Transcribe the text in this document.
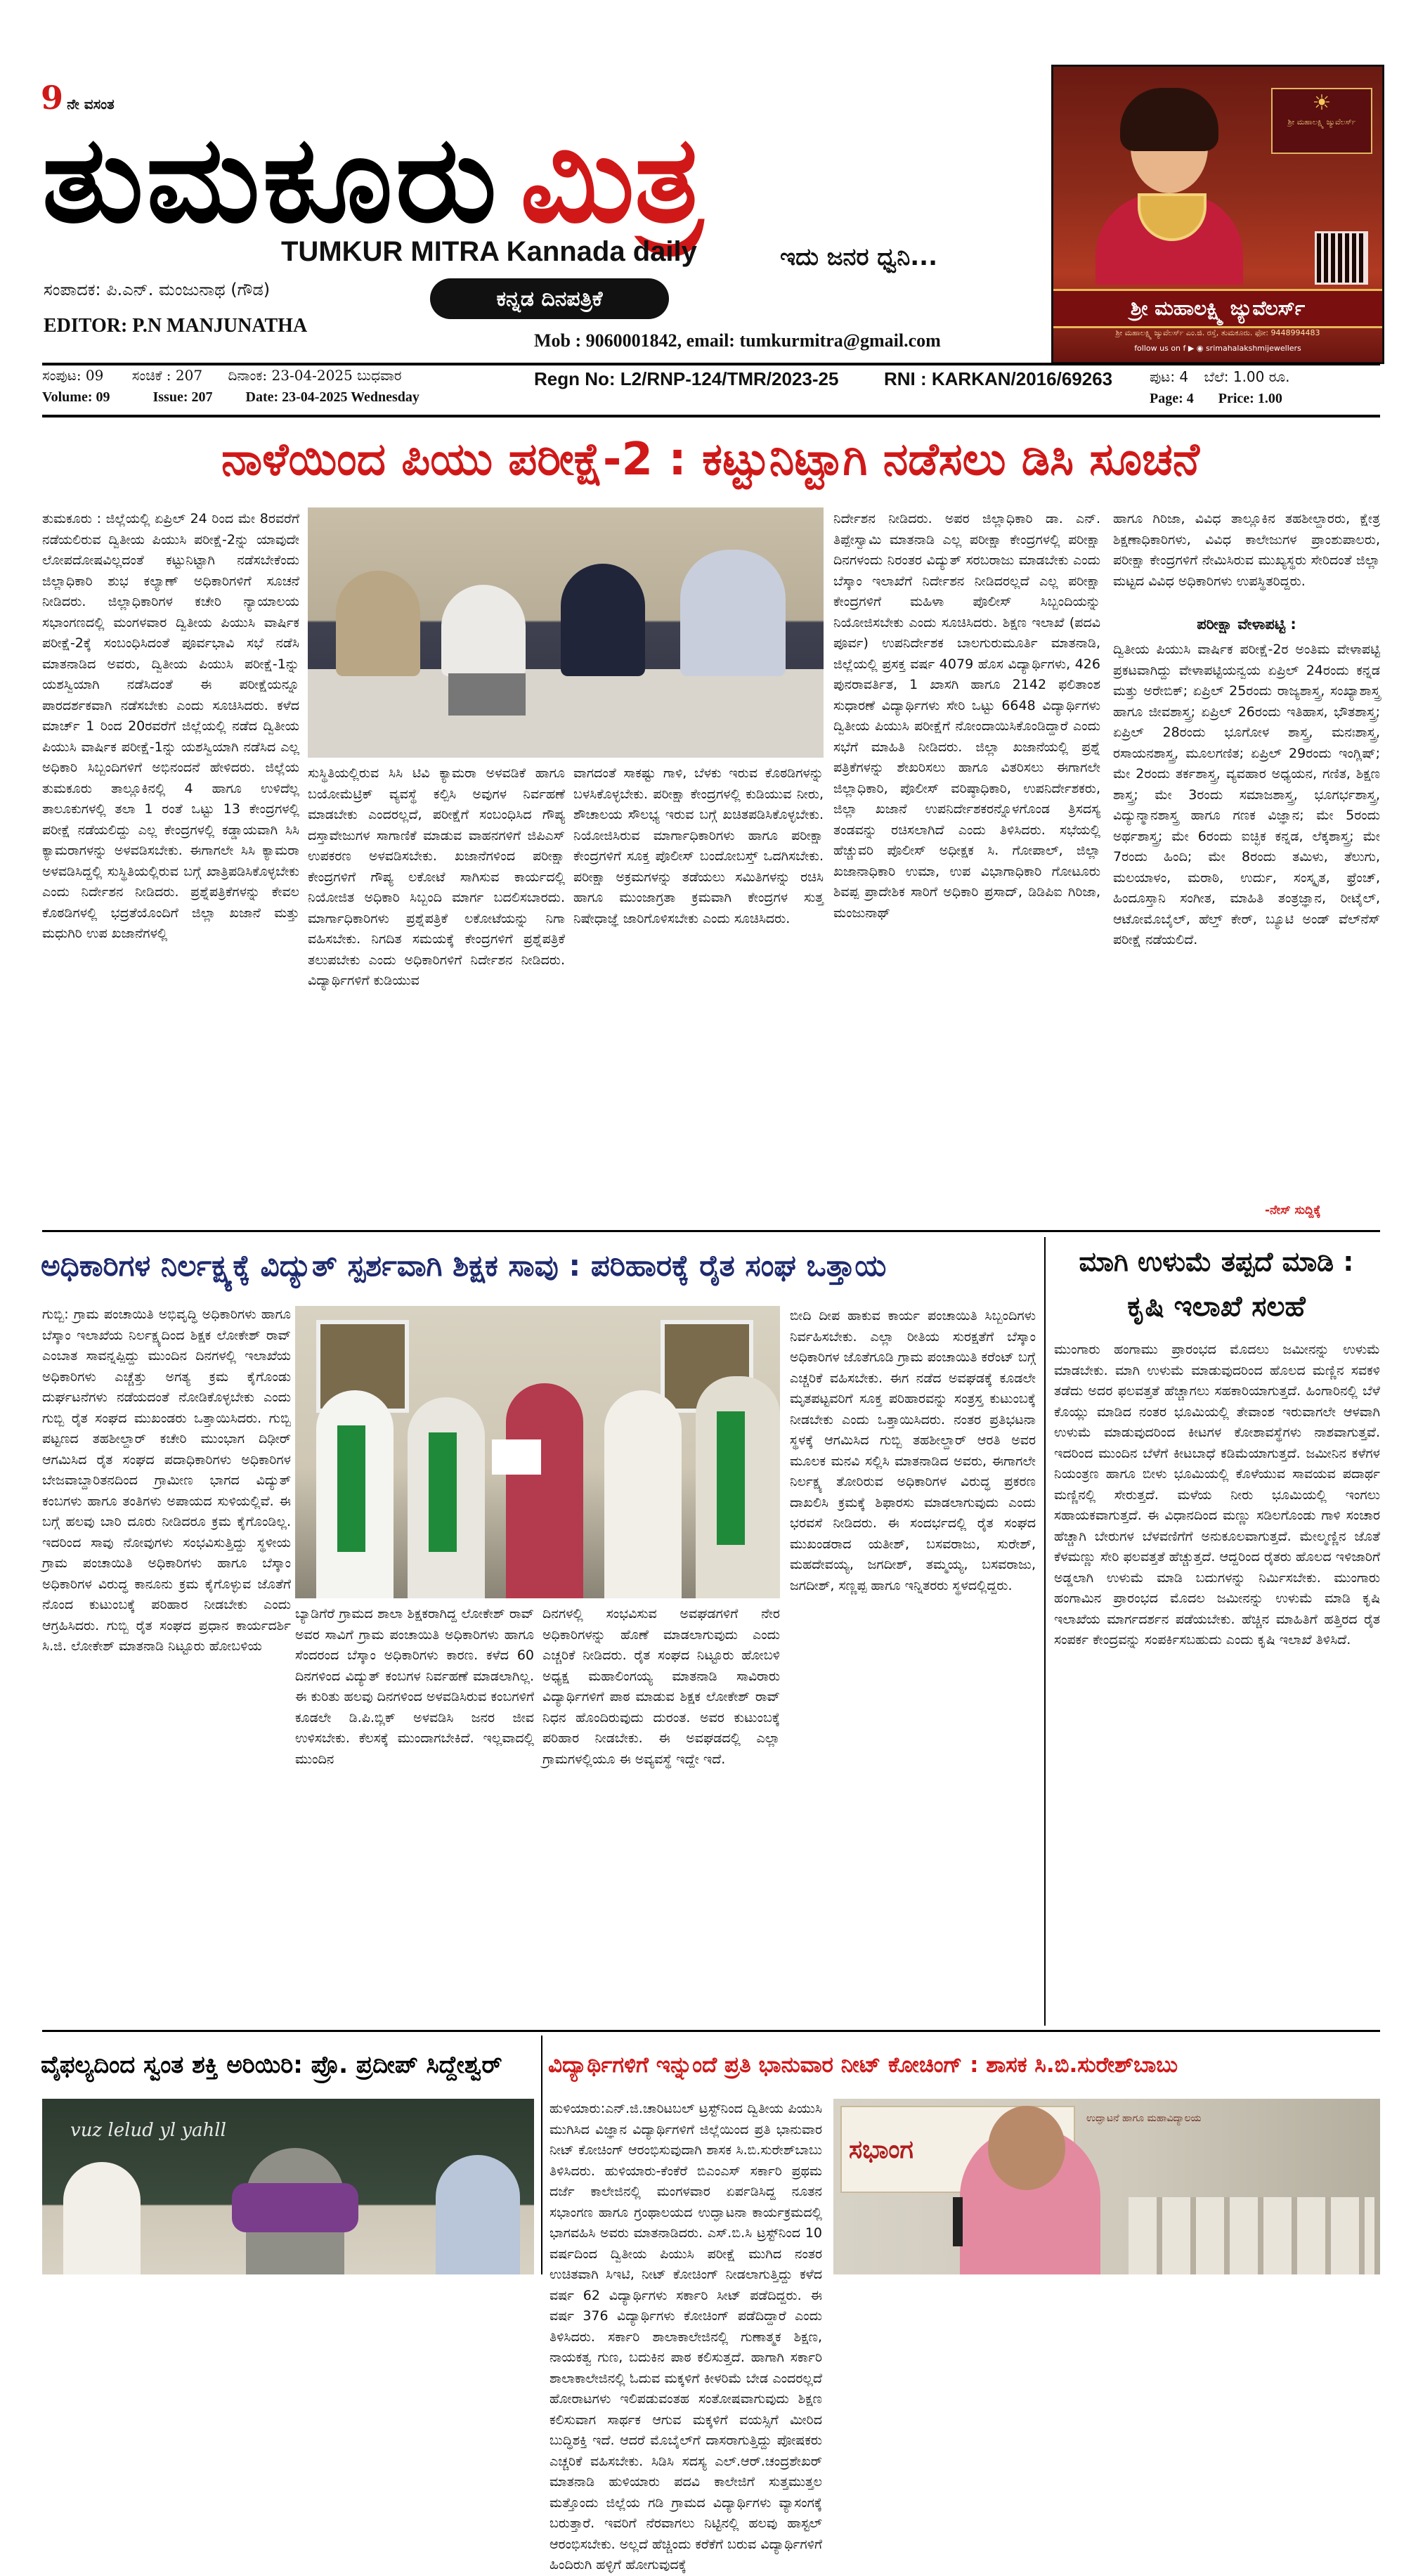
9 ನೇ ವಸಂತ
ತುಮಕೂರು ಮಿತ್ರ
TUMKUR MITRA Kannada daily	ಇದು ಜನರ ಧ್ವನಿ...
ಸಂಪಾದಕ: ಪಿ.ಎನ್. ಮಂಜುನಾಥ (ಗೌಡ)
EDITOR: P.N MANJUNATHA
ಕನ್ನಡ ದಿನಪತ್ರಿಕೆ
Mob : 9060001842, email: tumkurmitra@gmail.com
☀
ಶ್ರೀ ಮಹಾಲಕ್ಷ್ಮಿ ಜ್ಯುವೆಲರ್ಸ್
ಶ್ರೀ ಮಹಾಲಕ್ಷ್ಮಿ ಜ್ಯುವೆಲರ್ಸ್
ಶ್ರೀ ಮಹಾಲಕ್ಷ್ಮಿ ಜ್ಯುವೆಲರ್ಸ್ ಎಂ.ಜಿ. ರಸ್ತೆ, ತುಮಕೂರು. ಫೋ: 9448994483
follow us on f ▶ ◉ srimahalakshmijewellers
ಸಂಪುಟ: 09 ಸಂಚಿಕೆ : 207 ದಿನಾಂಕ: 23-04-2025 ಬುಧವಾರ
Volume: 09	Issue: 207 Date: 23-04-2025 Wednesday
Regn No: L2/RNP-124/TMR/2023-25 RNI : KARKAN/2016/69263	ಪುಟ: 4 ಬೆಲೆ: 1.00 ರೂ.
Page: 4 Price: 1.00
ನಾಳೆಯಿಂದ ಪಿಯು ಪರೀಕ್ಷೆ-2 : ಕಟ್ಟುನಿಟ್ಟಾಗಿ ನಡೆಸಲು ಡಿಸಿ ಸೂಚನೆ
ತುಮಕೂರು : ಜಿಲ್ಲೆಯಲ್ಲಿ ಏಪ್ರಿಲ್ 24 ರಿಂದ ಮೇ 8ರವರೆಗೆ ನಡೆಯಲಿರುವ ದ್ವಿತೀಯ ಪಿಯುಸಿ ಪರೀಕ್ಷೆ-2ನ್ನು ಯಾವುದೇ ಲೋಪದೋಷವಿಲ್ಲದಂತೆ ಕಟ್ಟುನಿಟ್ಟಾಗಿ ನಡೆಸಬೇಕೆಂದು ಜಿಲ್ಲಾಧಿಕಾರಿ ಶುಭ ಕಲ್ಯಾಣ್ ಅಧಿಕಾರಿಗಳಿಗೆ ಸೂಚನೆ ನೀಡಿದರು. ಜಿಲ್ಲಾಧಿಕಾರಿಗಳ ಕಚೇರಿ ನ್ಯಾಯಾಲಯ ಸಭಾಂಗಣದಲ್ಲಿ ಮಂಗಳವಾರ ದ್ವಿತೀಯ ಪಿಯುಸಿ ವಾರ್ಷಿಕ ಪರೀಕ್ಷೆ-2ಕ್ಕೆ ಸಂಬಂಧಿಸಿದಂತೆ ಪೂರ್ವಭಾವಿ ಸಭೆ ನಡೆಸಿ ಮಾತನಾಡಿದ ಅವರು, ದ್ವಿತೀಯ ಪಿಯುಸಿ ಪರೀಕ್ಷೆ-1ನ್ನು ಯಶಸ್ವಿಯಾಗಿ ನಡೆಸಿದಂತೆ ಈ ಪರೀಕ್ಷೆಯನ್ನೂ ಪಾರದರ್ಶಕವಾಗಿ ನಡೆಸಬೇಕು ಎಂದು ಸೂಚಿಸಿದರು. ಕಳೆದ ಮಾರ್ಚ್ 1 ರಿಂದ 20ರವರೆಗೆ ಜಿಲ್ಲೆಯಲ್ಲಿ ನಡೆದ ದ್ವಿತೀಯ ಪಿಯುಸಿ ವಾರ್ಷಿಕ ಪರೀಕ್ಷೆ-1ನ್ನು ಯಶಸ್ವಿಯಾಗಿ ನಡೆಸಿದ ಎಲ್ಲ ಅಧಿಕಾರಿ ಸಿಬ್ಬಂದಿಗಳಿಗೆ ಅಭಿನಂದನೆ ಹೇಳಿದರು. ಜಿಲ್ಲೆಯ ತುಮಕೂರು ತಾಲ್ಲೂಕಿನಲ್ಲಿ 4 ಹಾಗೂ ಉಳಿದೆಲ್ಲ ತಾಲೂಕುಗಳಲ್ಲಿ ತಲಾ 1 ರಂತೆ ಒಟ್ಟು 13 ಕೇಂದ್ರಗಳಲ್ಲಿ ಪರೀಕ್ಷೆ ನಡೆಯಲಿದ್ದು ಎಲ್ಲ ಕೇಂದ್ರಗಳಲ್ಲಿ ಕಡ್ಡಾಯವಾಗಿ ಸಿಸಿ ಕ್ಯಾಮರಾಗಳನ್ನು ಅಳವಡಿಸಬೇಕು. ಈಗಾಗಲೇ ಸಿಸಿ ಕ್ಯಾಮರಾ ಅಳವಡಿಸಿದ್ದಲ್ಲಿ ಸುಸ್ಥಿತಿಯಲ್ಲಿರುವ ಬಗ್ಗೆ ಖಾತ್ರಿಪಡಿಸಿಕೊಳ್ಳಬೇಕು ಎಂದು ನಿರ್ದೇಶನ ನೀಡಿದರು. ಪ್ರಶ್ನೆಪತ್ರಿಕೆಗಳನ್ನು ಕೇವಲ ಕೊಠಡಿಗಳಲ್ಲಿ ಭದ್ರತೆಯೊಂದಿಗೆ ಜಿಲ್ಲಾ ಖಜಾನೆ ಮತ್ತು ಮಧುಗಿರಿ ಉಪ ಖಜಾನೆಗಳಲ್ಲಿ
ಸುಸ್ಥಿತಿಯಲ್ಲಿರುವ ಸಿಸಿ ಟಿವಿ ಕ್ಯಾಮರಾ ಅಳವಡಿಕೆ ಹಾಗೂ ಬಯೋಮೆಟ್ರಿಕ್ ವ್ಯವಸ್ಥೆ ಕಲ್ಪಿಸಿ ಅವುಗಳ ನಿರ್ವಹಣೆ ಮಾಡಬೇಕು ಎಂದರಲ್ಲದೆ, ಪರೀಕ್ಷೆಗೆ ಸಂಬಂಧಿಸಿದ ಗೌಪ್ಯ ದಸ್ತಾವೇಜುಗಳ ಸಾಗಾಣಿಕೆ ಮಾಡುವ ವಾಹನಗಳಿಗೆ ಜಿಪಿಎಸ್ ಉಪಕರಣ ಅಳವಡಿಸಬೇಕು. ಖಜಾನೆಗಳಿಂದ ಪರೀಕ್ಷಾ ಕೇಂದ್ರಗಳಿಗೆ ಗೌಪ್ಯ ಲಕೋಟೆ ಸಾಗಿಸುವ ಕಾರ್ಯದಲ್ಲಿ ನಿಯೋಜಿತ ಅಧಿಕಾರಿ ಸಿಬ್ಬಂದಿ ಮಾರ್ಗ ಬದಲಿಸಬಾರದು. ಮಾರ್ಗಾಧಿಕಾರಿಗಳು ಪ್ರಶ್ನೆಪತ್ರಿಕೆ ಲಕೋಟೆಯನ್ನು ನಿಗಾ ವಹಿಸಬೇಕು. ನಿಗದಿತ ಸಮಯಕ್ಕೆ ಕೇಂದ್ರಗಳಿಗೆ ಪ್ರಶ್ನೆಪತ್ರಿಕೆ ತಲುಪಬೇಕು ಎಂದು ಅಧಿಕಾರಿಗಳಿಗೆ ನಿರ್ದೇಶನ ನೀಡಿದರು. ವಿದ್ಯಾರ್ಥಿಗಳಿಗೆ ಕುಡಿಯುವ
ವಾಗದಂತೆ ಸಾಕಷ್ಟು ಗಾಳಿ, ಬೆಳಕು ಇರುವ ಕೊಠಡಿಗಳನ್ನು ಬಳಸಿಕೊಳ್ಳಬೇಕು. ಪರೀಕ್ಷಾ ಕೇಂದ್ರಗಳಲ್ಲಿ ಕುಡಿಯುವ ನೀರು, ಶೌಚಾಲಯ ಸೌಲಭ್ಯ ಇರುವ ಬಗ್ಗೆ ಖಚಿತಪಡಿಸಿಕೊಳ್ಳಬೇಕು. ನಿಯೋಜಿಸಿರುವ ಮಾರ್ಗಾಧಿಕಾರಿಗಳು ಹಾಗೂ ಪರೀಕ್ಷಾ ಕೇಂದ್ರಗಳಿಗೆ ಸೂಕ್ತ ಪೊಲೀಸ್ ಬಂದೋಬಸ್ತ್ ಒದಗಿಸಬೇಕು. ಪರೀಕ್ಷಾ ಅಕ್ರಮಗಳನ್ನು ತಡೆಯಲು ಸಮಿತಿಗಳನ್ನು ರಚಿಸಿ ಹಾಗೂ ಮುಂಜಾಗ್ರತಾ ಕ್ರಮವಾಗಿ ಕೇಂದ್ರಗಳ ಸುತ್ತ ನಿಷೇಧಾಜ್ಞೆ ಜಾರಿಗೊಳಿಸಬೇಕು ಎಂದು ಸೂಚಿಸಿದರು.
ನಿರ್ದೇಶನ ನೀಡಿದರು. ಅಪರ ಜಿಲ್ಲಾಧಿಕಾರಿ ಡಾ. ಎನ್. ತಿಪ್ಪೇಸ್ವಾಮಿ ಮಾತನಾಡಿ ಎಲ್ಲ ಪರೀಕ್ಷಾ ಕೇಂದ್ರಗಳಲ್ಲಿ ಪರೀಕ್ಷಾ ದಿನಗಳಂದು ನಿರಂತರ ವಿದ್ಯುತ್ ಸರಬರಾಜು ಮಾಡಬೇಕು ಎಂದು ಬೆಸ್ಕಾಂ ಇಲಾಖೆಗೆ ನಿರ್ದೇಶನ ನೀಡಿದರಲ್ಲದೆ ಎಲ್ಲ ಪರೀಕ್ಷಾ ಕೇಂದ್ರಗಳಿಗೆ ಮಹಿಳಾ ಪೊಲೀಸ್ ಸಿಬ್ಬಂದಿಯನ್ನು ನಿಯೋಜಿಸಬೇಕು ಎಂದು ಸೂಚಿಸಿದರು. ಶಿಕ್ಷಣ ಇಲಾಖೆ (ಪದವಿ ಪೂರ್ವ) ಉಪನಿರ್ದೇಶಕ ಬಾಲಗುರುಮೂರ್ತಿ ಮಾತನಾಡಿ, ಜಿಲ್ಲೆಯಲ್ಲಿ ಪ್ರಸಕ್ತ ವರ್ಷ 4079 ಹೊಸ ವಿದ್ಯಾರ್ಥಿಗಳು, 426 ಪುನರಾವರ್ತಿತ, 1 ಖಾಸಗಿ ಹಾಗೂ 2142 ಫಲಿತಾಂಶ ಸುಧಾರಣೆ ವಿದ್ಯಾರ್ಥಿಗಳು ಸೇರಿ ಒಟ್ಟು 6648 ವಿದ್ಯಾರ್ಥಿಗಳು ದ್ವಿತೀಯ ಪಿಯುಸಿ ಪರೀಕ್ಷೆಗೆ ನೋಂದಾಯಿಸಿಕೊಂಡಿದ್ದಾರೆ ಎಂದು ಸಭೆಗೆ ಮಾಹಿತಿ ನೀಡಿದರು. ಜಿಲ್ಲಾ ಖಜಾನೆಯಲ್ಲಿ ಪ್ರಶ್ನೆ ಪತ್ರಿಕೆಗಳನ್ನು ಶೇಖರಿಸಲು ಹಾಗೂ ವಿತರಿಸಲು ಈಗಾಗಲೇ ಜಿಲ್ಲಾಧಿಕಾರಿ, ಪೊಲೀಸ್ ವರಿಷ್ಠಾಧಿಕಾರಿ, ಉಪನಿರ್ದೇಶಕರು, ಜಿಲ್ಲಾ ಖಜಾನೆ ಉಪನಿರ್ದೇಶಕರನ್ನೊಳಗೊಂಡ ತ್ರಿಸದಸ್ಯ ತಂಡವನ್ನು ರಚಿಸಲಾಗಿದೆ ಎಂದು ತಿಳಿಸಿದರು. ಸಭೆಯಲ್ಲಿ ಹೆಚ್ಚುವರಿ ಪೊಲೀಸ್ ಅಧೀಕ್ಷಕ ಸಿ. ಗೋಪಾಲ್, ಜಿಲ್ಲಾ ಖಜಾನಾಧಿಕಾರಿ ಉಮಾ, ಉಪ ವಿಭಾಗಾಧಿಕಾರಿ ಗೋಟೂರು ಶಿವಪ್ಪ ಪ್ರಾದೇಶಿಕ ಸಾರಿಗೆ ಅಧಿಕಾರಿ ಪ್ರಸಾದ್, ಡಿಡಿಪಿಐ ಗಿರಿಜಾ, ಮಂಜುನಾಥ್
ಹಾಗೂ ಗಿರಿಜಾ, ವಿವಿಧ ತಾಲ್ಲೂಕಿನ ತಹಶೀಲ್ದಾರರು, ಕ್ಷೇತ್ರ ಶಿಕ್ಷಣಾಧಿಕಾರಿಗಳು, ವಿವಿಧ ಕಾಲೇಜುಗಳ ಪ್ರಾಂಶುಪಾಲರು, ಪರೀಕ್ಷಾ ಕೇಂದ್ರಗಳಿಗೆ ನೇಮಿಸಿರುವ ಮುಖ್ಯಸ್ಥರು ಸೇರಿದಂತೆ ಜಿಲ್ಲಾ ಮಟ್ಟದ ವಿವಿಧ ಅಧಿಕಾರಿಗಳು ಉಪಸ್ಥಿತರಿದ್ದರು.
ಪರೀಕ್ಷಾ ವೇಳಾಪಟ್ಟಿ :
ದ್ವಿತೀಯ ಪಿಯುಸಿ ವಾರ್ಷಿಕ ಪರೀಕ್ಷೆ-2ರ ಅಂತಿಮ ವೇಳಾಪಟ್ಟಿ ಪ್ರಕಟವಾಗಿದ್ದು ವೇಳಾಪಟ್ಟಿಯನ್ವಯ ಏಪ್ರಿಲ್ 24ರಂದು ಕನ್ನಡ ಮತ್ತು ಅರೇಬಿಕ್; ಏಪ್ರಿಲ್ 25ರಂದು ರಾಜ್ಯಶಾಸ್ತ್ರ, ಸಂಖ್ಯಾಶಾಸ್ತ್ರ ಹಾಗೂ ಜೀವಶಾಸ್ತ್ರ; ಏಪ್ರಿಲ್ 26ರಂದು ಇತಿಹಾಸ, ಭೌತಶಾಸ್ತ್ರ; ಏಪ್ರಿಲ್ 28ರಂದು ಭೂಗೋಳ ಶಾಸ್ತ್ರ, ಮನಃಶಾಸ್ತ್ರ, ರಸಾಯನಶಾಸ್ತ್ರ, ಮೂಲಗಣಿತ; ಏಪ್ರಿಲ್ 29ರಂದು ಇಂಗ್ಲಿಷ್; ಮೇ 2ರಂದು ತರ್ಕಶಾಸ್ತ್ರ, ವ್ಯವಹಾರ ಅಧ್ಯಯನ, ಗಣಿತ, ಶಿಕ್ಷಣ ಶಾಸ್ತ್ರ; ಮೇ 3ರಂದು ಸಮಾಜಶಾಸ್ತ್ರ, ಭೂಗರ್ಭಶಾಸ್ತ್ರ, ವಿದ್ಯುನ್ಮಾನಶಾಸ್ತ್ರ ಹಾಗೂ ಗಣಕ ವಿಜ್ಞಾನ; ಮೇ 5ರಂದು ಅರ್ಥಶಾಸ್ತ್ರ; ಮೇ 6ರಂದು ಐಚ್ಛಿಕ ಕನ್ನಡ, ಲೆಕ್ಕಶಾಸ್ತ್ರ; ಮೇ 7ರಂದು ಹಿಂದಿ; ಮೇ 8ರಂದು ತಮಿಳು, ತೆಲುಗು, ಮಲಯಾಳಂ, ಮರಾಠಿ, ಉರ್ದು, ಸಂಸ್ಕೃತ, ಫ್ರೆಂಚ್, ಹಿಂದೂಸ್ತಾನಿ ಸಂಗೀತ, ಮಾಹಿತಿ ತಂತ್ರಜ್ಞಾನ, ರೀಟೈಲ್, ಆಟೋಮೊಬೈಲ್, ಹೆಲ್ತ್ ಕೇರ್, ಬ್ಯೂಟಿ ಅಂಡ್ ವೆಲ್‌ನೆಸ್ ಪರೀಕ್ಷೆ ನಡೆಯಲಿದೆ.
-ನೇಸ್ ಸುದ್ದಿಕ್ಕೆ
ಅಧಿಕಾರಿಗಳ ನಿರ್ಲಕ್ಷ್ಯಕ್ಕೆ ವಿದ್ಯುತ್ ಸ್ಪರ್ಶವಾಗಿ ಶಿಕ್ಷಕ ಸಾವು : ಪರಿಹಾರಕ್ಕೆ ರೈತ ಸಂಘ ಒತ್ತಾಯ
ಗುಬ್ಬಿ: ಗ್ರಾಮ ಪಂಚಾಯಿತಿ ಅಭಿವೃದ್ಧಿ ಅಧಿಕಾರಿಗಳು ಹಾಗೂ ಬೆಸ್ಕಾಂ ಇಲಾಖೆಯ ನಿರ್ಲಕ್ಷ್ಯದಿಂದ ಶಿಕ್ಷಕ ಲೋಕೇಶ್ ರಾವ್ ಎಂಬಾತ ಸಾವನ್ನಪ್ಪಿದ್ದು ಮುಂದಿನ ದಿನಗಳಲ್ಲಿ ಇಲಾಖೆಯ ಅಧಿಕಾರಿಗಳು ಎಚ್ಚೆತ್ತು ಅಗತ್ಯ ಕ್ರಮ ಕೈಗೊಂಡು ದುರ್ಘಟನೆಗಳು ನಡೆಯದಂತೆ ನೋಡಿಕೊಳ್ಳಬೇಕು ಎಂದು ಗುಬ್ಬಿ ರೈತ ಸಂಘದ ಮುಖಂಡರು ಒತ್ತಾಯಿಸಿದರು. ಗುಬ್ಬಿ ಪಟ್ಟಣದ ತಹಶೀಲ್ದಾರ್ ಕಚೇರಿ ಮುಂಭಾಗ ದಿಢೀರ್ ಆಗಮಿಸಿದ ರೈತ ಸಂಘದ ಪದಾಧಿಕಾರಿಗಳು ಅಧಿಕಾರಿಗಳ ಬೇಜವಾಬ್ದಾರಿತನದಿಂದ ಗ್ರಾಮೀಣ ಭಾಗದ ವಿದ್ಯುತ್ ಕಂಬಗಳು ಹಾಗೂ ತಂತಿಗಳು ಅಪಾಯದ ಸುಳಿಯಲ್ಲಿವೆ. ಈ ಬಗ್ಗೆ ಹಲವು ಬಾರಿ ದೂರು ನೀಡಿದರೂ ಕ್ರಮ ಕೈಗೊಂಡಿಲ್ಲ. ಇದರಿಂದ ಸಾವು ನೋವುಗಳು ಸಂಭವಿಸುತ್ತಿದ್ದು ಸ್ಥಳೀಯ ಗ್ರಾಮ ಪಂಚಾಯಿತಿ ಅಧಿಕಾರಿಗಳು ಹಾಗೂ ಬೆಸ್ಕಾಂ ಅಧಿಕಾರಿಗಳ ವಿರುದ್ಧ ಕಾನೂನು ಕ್ರಮ ಕೈಗೊಳ್ಳುವ ಜೊತೆಗೆ ನೊಂದ ಕುಟುಂಬಕ್ಕೆ ಪರಿಹಾರ ನೀಡಬೇಕು ಎಂದು ಆಗ್ರಹಿಸಿದರು. ಗುಬ್ಬಿ ರೈತ ಸಂಘದ ಪ್ರಧಾನ ಕಾರ್ಯದರ್ಶಿ ಸಿ.ಜಿ. ಲೋಕೇಶ್ ಮಾತನಾಡಿ ನಿಟ್ಟೂರು ಹೋಬಳಿಯ
ಬ್ಯಾಡಿಗೆರೆ ಗ್ರಾಮದ ಶಾಲಾ ಶಿಕ್ಷಕರಾಗಿದ್ದ ಲೋಕೇಶ್ ರಾವ್ ಅವರ ಸಾವಿಗೆ ಗ್ರಾಮ ಪಂಚಾಯಿತಿ ಅಧಿಕಾರಿಗಳು ಹಾಗೂ ಸೆಂದರಂದ ಬೆಸ್ಕಾಂ ಅಧಿಕಾರಿಗಳು ಕಾರಣ. ಕಳೆದ 60 ದಿನಗಳಿಂದ ವಿದ್ಯುತ್ ಕಂಬಗಳ ನಿರ್ವಹಣೆ ಮಾಡಲಾಗಿಲ್ಲ. ಈ ಕುರಿತು ಹಲವು ದಿನಗಳಿಂದ ಅಳವಡಿಸಿರುವ ಕಂಬಗಳಿಗೆ ಕೂಡಲೇ ಡಿ.ಪಿ.ಬ್ಲಿಕ್ ಅಳವಡಿಸಿ ಜನರ ಜೀವ ಉಳಿಸಬೇಕು. ಕೆಲಸಕ್ಕೆ ಮುಂದಾಗಬೇಕಿದೆ. ಇಲ್ಲವಾದಲ್ಲಿ ಮುಂದಿನ
ದಿನಗಳಲ್ಲಿ ಸಂಭವಿಸುವ ಅವಘಡಗಳಿಗೆ ನೇರ ಅಧಿಕಾರಿಗಳನ್ನು ಹೊಣೆ ಮಾಡಲಾಗುವುದು ಎಂದು ಎಚ್ಚರಿಕೆ ನೀಡಿದರು. ರೈತ ಸಂಘದ ನಿಟ್ಟೂರು ಹೋಬಳಿ ಅಧ್ಯಕ್ಷ ಮಹಾಲಿಂಗಯ್ಯ ಮಾತನಾಡಿ ಸಾವಿರಾರು ವಿದ್ಯಾರ್ಥಿಗಳಿಗೆ ಪಾಠ ಮಾಡುವ ಶಿಕ್ಷಕ ಲೋಕೇಶ್ ರಾವ್ ನಿಧನ ಹೊಂದಿರುವುದು ದುರಂತ. ಅವರ ಕುಟುಂಬಕ್ಕೆ ಪರಿಹಾರ ನೀಡಬೇಕು. ಈ ಅವಘಡದಲ್ಲಿ ಎಲ್ಲಾ ಗ್ರಾಮಗಳಲ್ಲಿಯೂ ಈ ಅವ್ಯವಸ್ಥೆ ಇದ್ದೇ ಇದೆ.
ಬೀದಿ ದೀಪ ಹಾಕುವ ಕಾರ್ಯ ಪಂಚಾಯಿತಿ ಸಿಬ್ಬಂದಿಗಳು ನಿರ್ವಹಿಸಬೇಕು. ಎಲ್ಲಾ ರೀತಿಯ ಸುರಕ್ಷತೆಗೆ ಬೆಸ್ಕಾಂ ಅಧಿಕಾರಿಗಳ ಜೊತೆಗೂಡಿ ಗ್ರಾಮ ಪಂಚಾಯಿತಿ ಕರೆಂಟ್ ಬಗ್ಗೆ ಎಚ್ಚರಿಕೆ ವಹಿಸಬೇಕು. ಈಗ ನಡೆದ ಅವಘಡಕ್ಕೆ ಕೂಡಲೇ ಮೃತಪಟ್ಟವರಿಗೆ ಸೂಕ್ತ ಪರಿಹಾರವನ್ನು ಸಂತ್ರಸ್ತ ಕುಟುಂಬಕ್ಕೆ ನೀಡಬೇಕು ಎಂದು ಒತ್ತಾಯಿಸಿದರು. ನಂತರ ಪ್ರತಿಭಟನಾ ಸ್ಥಳಕ್ಕೆ ಆಗಮಿಸಿದ ಗುಬ್ಬಿ ತಹಶೀಲ್ದಾರ್ ಆರತಿ ಅವರ ಮೂಲಕ ಮನವಿ ಸಲ್ಲಿಸಿ ಮಾತನಾಡಿದ ಅವರು, ಈಗಾಗಲೇ ನಿರ್ಲಕ್ಷ್ಯ ತೋರಿರುವ ಅಧಿಕಾರಿಗಳ ವಿರುದ್ಧ ಪ್ರಕರಣ ದಾಖಲಿಸಿ ಕ್ರಮಕ್ಕೆ ಶಿಫಾರಸು ಮಾಡಲಾಗುವುದು ಎಂದು ಭರವಸೆ ನೀಡಿದರು. ಈ ಸಂದರ್ಭದಲ್ಲಿ ರೈತ ಸಂಘದ ಮುಖಂಡರಾದ ಯತೀಶ್, ಬಸವರಾಜು, ಸುರೇಶ್, ಮಹದೇವಯ್ಯ, ಜಗದೀಶ್, ತಮ್ಮಯ್ಯ, ಬಸವರಾಜು, ಜಗದೀಶ್, ಸಣ್ಣಪ್ಪ ಹಾಗೂ ಇನ್ನಿತರರು ಸ್ಥಳದಲ್ಲಿದ್ದರು.
ಮಾಗಿ ಉಳುಮೆ ತಪ್ಪದೆ ಮಾಡಿ :
ಕೃಷಿ ಇಲಾಖೆ ಸಲಹೆ
ಮುಂಗಾರು ಹಂಗಾಮು ಪ್ರಾರಂಭದ ಮೊದಲು ಜಮೀನನ್ನು ಉಳುಮೆ ಮಾಡಬೇಕು. ಮಾಗಿ ಉಳುಮೆ ಮಾಡುವುದರಿಂದ ಹೊಲದ ಮಣ್ಣಿನ ಸವಕಳಿ ತಡೆದು ಅದರ ಫಲವತ್ತತೆ ಹೆಚ್ಚಾಗಲು ಸಹಕಾರಿಯಾಗುತ್ತದೆ. ಹಿಂಗಾರಿನಲ್ಲಿ ಬೆಳೆ ಕೊಯ್ಲು ಮಾಡಿದ ನಂತರ ಭೂಮಿಯಲ್ಲಿ ತೇವಾಂಶ ಇರುವಾಗಲೇ ಆಳವಾಗಿ ಉಳುಮೆ ಮಾಡುವುದರಿಂದ ಕೀಟಗಳ ಕೋಶಾವಸ್ಥೆಗಳು ನಾಶವಾಗುತ್ತವೆ. ಇದರಿಂದ ಮುಂದಿನ ಬೆಳೆಗೆ ಕೀಟಬಾಧೆ ಕಡಿಮೆಯಾಗುತ್ತದೆ. ಜಮೀನಿನ ಕಳೆಗಳ ನಿಯಂತ್ರಣ ಹಾಗೂ ಬೀಳು ಭೂಮಿಯಲ್ಲಿ ಕೊಳೆಯುವ ಸಾವಯವ ಪದಾರ್ಥ ಮಣ್ಣಿನಲ್ಲಿ ಸೇರುತ್ತದೆ. ಮಳೆಯ ನೀರು ಭೂಮಿಯಲ್ಲಿ ಇಂಗಲು ಸಹಾಯಕವಾಗುತ್ತದೆ. ಈ ವಿಧಾನದಿಂದ ಮಣ್ಣು ಸಡಿಲಗೊಂಡು ಗಾಳಿ ಸಂಚಾರ ಹೆಚ್ಚಾಗಿ ಬೇರುಗಳ ಬೆಳವಣಿಗೆಗೆ ಅನುಕೂಲವಾಗುತ್ತದೆ. ಮೇಲ್ಮಣ್ಣಿನ ಜೊತೆ ಕೆಳಮಣ್ಣು ಸೇರಿ ಫಲವತ್ತತೆ ಹೆಚ್ಚುತ್ತದೆ. ಆದ್ದರಿಂದ ರೈತರು ಹೊಲದ ಇಳಿಜಾರಿಗೆ ಅಡ್ಡಲಾಗಿ ಉಳುಮೆ ಮಾಡಿ ಬದುಗಳನ್ನು ನಿರ್ಮಿಸಬೇಕು. ಮುಂಗಾರು ಹಂಗಾಮಿನ ಪ್ರಾರಂಭದ ಮೊದಲ ಜಮೀನನ್ನು ಉಳುಮೆ ಮಾಡಿ ಕೃಷಿ ಇಲಾಖೆಯ ಮಾರ್ಗದರ್ಶನ ಪಡೆಯಬೇಕು. ಹೆಚ್ಚಿನ ಮಾಹಿತಿಗೆ ಹತ್ತಿರದ ರೈತ ಸಂಪರ್ಕ ಕೇಂದ್ರವನ್ನು ಸಂಪರ್ಕಿಸಬಹುದು ಎಂದು ಕೃಷಿ ಇಲಾಖೆ ತಿಳಿಸಿದೆ.
ವೈಫಲ್ಯದಿಂದ ಸ್ವಂತ ಶಕ್ತಿ ಅರಿಯಿರಿ: ಪ್ರೊ. ಪ್ರದೀಪ್ ಸಿದ್ದೇಶ್ವರ್
vuz lelud yl yahll
ವಿದ್ಯಾರ್ಥಿಗಳಿಗೆ ಇನ್ನುಂದೆ ಪ್ರತಿ ಭಾನುವಾರ ನೀಟ್ ಕೋಚಿಂಗ್ : ಶಾಸಕ ಸಿ.ಬಿ.ಸುರೇಶ್‌ಬಾಬು
ಹುಳಿಯಾರು:ಎನ್.ಜಿ.ಚಾರಿಟಬಲ್ ಟ್ರಸ್ಟ್‌ನಿಂದ ದ್ವಿತೀಯ ಪಿಯುಸಿ ಮುಗಿಸಿದ ವಿಜ್ಞಾನ ವಿದ್ಯಾರ್ಥಿಗಳಿಗೆ ಜಿಲ್ಲೆಯಿಂದ ಪ್ರತಿ ಭಾನುವಾರ ನೀಟ್ ಕೋಚಿಂಗ್ ಆರಂಭಿಸುವುದಾಗಿ ಶಾಸಕ ಸಿ.ಬಿ.ಸುರೇಶ್‌ಬಾಬು ತಿಳಿಸಿದರು. ಹುಳಿಯಾರು-ಕೆಂಕೆರೆ ಬಿಎಂಎಸ್ ಸರ್ಕಾರಿ ಪ್ರಥಮ ದರ್ಜೆ ಕಾಲೇಜಿನಲ್ಲಿ ಮಂಗಳವಾರ ಏರ್ಪಡಿಸಿದ್ದ ನೂತನ ಸಭಾಂಗಣ ಹಾಗೂ ಗ್ರಂಥಾಲಯದ ಉದ್ಘಾಟನಾ ಕಾರ್ಯಕ್ರಮದಲ್ಲಿ ಭಾಗವಹಿಸಿ ಅವರು ಮಾತನಾಡಿದರು. ಎಸ್.ಬಿ.ಸಿ ಟ್ರಸ್ಟ್‌ನಿಂದ 10 ವರ್ಷದಿಂದ ದ್ವಿತೀಯ ಪಿಯುಸಿ ಪರೀಕ್ಷೆ ಮುಗಿದ ನಂತರ ಉಚಿತವಾಗಿ ಸಿಇಟಿ, ನೀಟ್ ಕೋಚಿಂಗ್ ನೀಡಲಾಗುತ್ತಿದ್ದು ಕಳೆದ ವರ್ಷ 62 ವಿದ್ಯಾರ್ಥಿಗಳು ಸರ್ಕಾರಿ ಸೀಟ್ ಪಡೆದಿದ್ದರು. ಈ ವರ್ಷ 376 ವಿದ್ಯಾರ್ಥಿಗಳು ಕೋಚಿಂಗ್ ಪಡೆದಿದ್ದಾರೆ ಎಂದು ತಿಳಿಸಿದರು. ಸರ್ಕಾರಿ ಶಾಲಾಕಾಲೇಜಿನಲ್ಲಿ ಗುಣಾತ್ಮಕ ಶಿಕ್ಷಣ, ನಾಯಕತ್ವ ಗುಣ, ಬದುಕಿನ ಪಾಠ ಕಲಿಸುತ್ತದೆ. ಹಾಗಾಗಿ ಸರ್ಕಾರಿ ಶಾಲಾಕಾಲೇಜಿನಲ್ಲಿ ಓದುವ ಮಕ್ಕಳಿಗೆ ಕೀಳರಿಮೆ ಬೇಡ ಎಂದರಲ್ಲದೆ ಹೋರಾಟಗಳು ಇಲಿಪಡುವಂತಹ ಸಂತೋಷವಾಗುವುದು ಶಿಕ್ಷಣ ಕಲಿಸುವಾಗ ಸಾರ್ಥಕ ಆಗುವ ಮಕ್ಕಳಿಗೆ ವಯಸ್ಸಿಗೆ ಮೀರಿದ ಬುದ್ಧಿಶಕ್ತಿ ಇದೆ. ಆದರೆ ಮೊಬೈಲ್‌ಗೆ ದಾಸರಾಗುತ್ತಿದ್ದು ಪೋಷಕರು ಎಚ್ಚರಿಕೆ ವಹಿಸಬೇಕು. ಸಿಡಿಸಿ ಸದಸ್ಯ ಎಲ್.ಆರ್.ಚಂದ್ರಶೇಖರ್ ಮಾತನಾಡಿ ಹುಳಿಯಾರು ಪದವಿ ಕಾಲೇಜಿಗೆ ಸುತ್ತಮುತ್ತಲ ಮತ್ತೊಂದು ಜಿಲ್ಲೆಯ ಗಡಿ ಗ್ರಾಮದ ವಿದ್ಯಾರ್ಥಿಗಳು ವ್ಯಾಸಂಗಕ್ಕೆ ಬರುತ್ತಾರೆ. ಇವರಿಗೆ ನೆರವಾಗಲು ನಿಟ್ಟಿನಲ್ಲಿ ಹಲವು ಹಾಸ್ಟಲ್ ಆರಂಭಿಸಬೇಕು. ಅಲ್ಲದೆ ಹೆಚ್ಚಿಂದು ಕರೆಕೆಗೆ ಬರುವ ವಿದ್ಯಾರ್ಥಿಗಳಿಗೆ ಹಿಂದಿರುಗಿ ಹಳ್ಳಿಗೆ ಹೋಗುವುದಕ್ಕೆ
ಸಭಾಂಗ
ಉದ್ಘಾಟನೆ ಹಾಗೂ ಮಹಾವಿದ್ಯಾಲಯ
